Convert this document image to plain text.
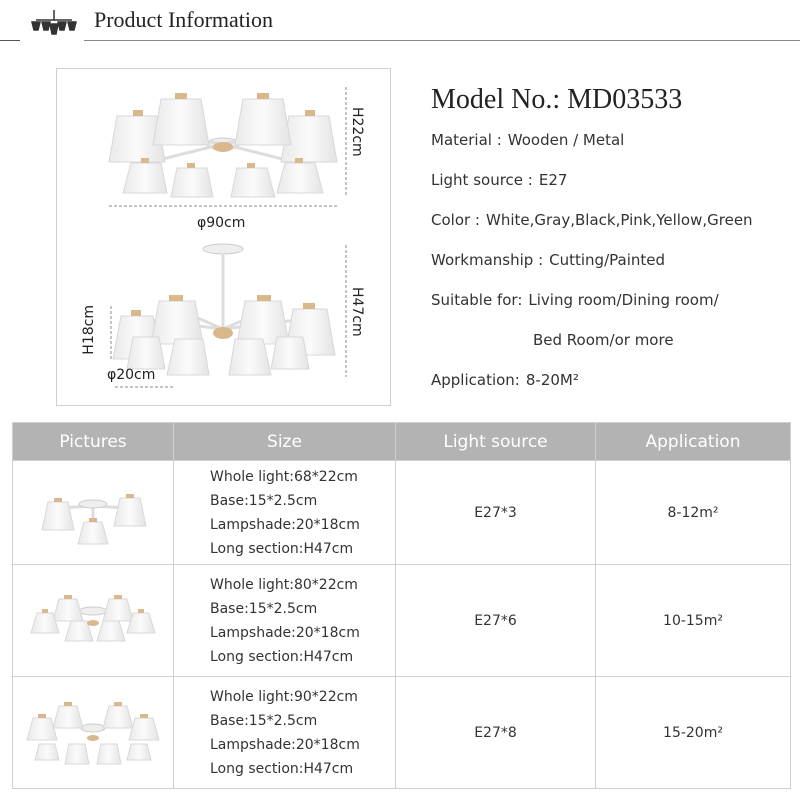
Product Information
φ90cm
H22cm
H47cm
H18cm
φ20cm
Model No.: MD03533
Material : Wooden / Metal
Light source : E27
Color : White,Gray,Black,Pink,Yellow,Green
Workmanship : Cutting/Painted
Suitable for: Living room/Dining room/
Bed Room/or more
Application: 8-20M²
Pictures	Size	Light source	Application

Whole light:68*22cm
Base:15*2.5cm
Lampshade:20*18cm
Long section:H47cm	E27*3	8-12m²

Whole light:80*22cm
Base:15*2.5cm
Lampshade:20*18cm
Long section:H47cm	E27*6	10-15m²

Whole light:90*22cm
Base:15*2.5cm
Lampshade:20*18cm
Long section:H47cm	E27*8	15-20m²
